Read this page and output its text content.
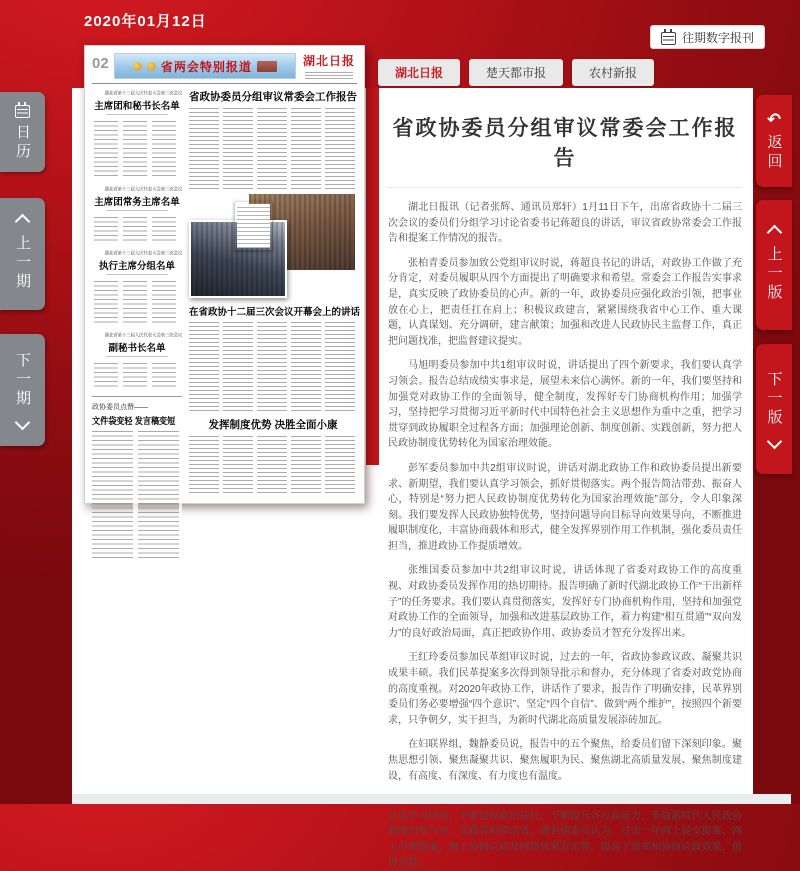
2020年01月12日
往期数字报刊
日历
上一期
下一期
湖北日报	楚天都市报	农村新报
省政协委员分组审议常委会工作报告

湖北日报讯（记者张辉、通讯员郑轩）1月11日下午，出席省政协十二届三次会议的委员们分组学习讨论省委书记蒋超良的讲话，审议省政协常委会工作报告和提案工作情况的报告。

张柏青委员参加致公党组审议时说，蒋超良书记的讲话，对政协工作做了充分肯定，对委员履职从四个方面提出了明确要求和希望。常委会工作报告实事求是，真实反映了政协委员的心声。新的一年，政协委员应强化政治引领，把事业放在心上，把责任扛在肩上；积极议政建言，紧紧围绕我省中心工作、重大课题，认真谋划、充分调研，建言献策；加强和改进人民政协民主监督工作，真正把问题找准，把监督建议提实。

马旭明委员参加中共1组审议时说，讲话提出了四个新要求，我们要认真学习领会。报告总结成绩实事求是，展望未来信心满怀。新的一年，我们要坚持和加强党对政协工作的全面领导，健全制度，发挥好专门协商机构作用；加强学习，坚持把学习贯彻习近平新时代中国特色社会主义思想作为重中之重，把学习贯穿到政协履职全过程各方面；加强理论创新、制度创新、实践创新，努力把人民政协制度优势转化为国家治理效能。

彭军委员参加中共2组审议时说，讲话对湖北政协工作和政协委员提出新要求、新期望，我们要认真学习领会，抓好贯彻落实。两个报告简洁带劲、振奋人心，特别是“努力把人民政协制度优势转化为国家治理效能”部分，令人印象深刻。我们要发挥人民政协独特优势，坚持问题导向目标导向效果导向，不断推进履职制度化，丰富协商载体和形式，健全发挥界别作用工作机制，强化委员责任担当，推进政协工作提质增效。

张维国委员参加中共2组审议时说，讲话体现了省委对政协工作的高度重视、对政协委员发挥作用的热切期待。报告明确了新时代湖北政协工作“干出新样子”的任务要求。我们要认真贯彻落实，发挥好专门协商机构作用，坚持和加强党对政协工作的全面领导，加强和改进基层政协工作，着力构建“相互贯通”“双向发力”的良好政治局面，真正把政协作用、政协委员才智充分发挥出来。

王红玲委员参加民革组审议时说，过去的一年，省政协参政议政、凝聚共识成果丰硕。我们民革提案多次得到领导批示和督办，充分体现了省委对政党协商的高度重视。对2020年政协工作，讲话作了要求，报告作了明确安排，民革界别委员们务必要增强“四个意识”、坚定“四个自信”、做到“两个维护”，按照四个新要求，只争朝夕，实干担当，为新时代湖北高质量发展添砖加瓦。

在妇联界组，魏静委员说，报告中的五个聚焦，给委员们留下深刻印象。聚焦思想引领、聚焦凝聚共识、聚焦履职为民、聚焦湖北高质量发展、聚焦制度建设，有高度、有深度、有力度也有温度。

认真学习讲话，不断提高政治站位，不断提升各方面能力，争做新时代人民政协制度的参与者、实践者和推动者。潘世炳委员认为，过去一年网上提交提案、网上办理提案、网上协商议政及网络成果发布等，提高了效率和协商议政效果，值得点赞。

02	省两会特别报道	湖北日报
湖北省第十三届人民代表大会第三次会议
主席团和秘书长名单
湖北省第十三届人民代表大会第三次会议
主席团常务主席名单
湖北省第十三届人民代表大会第三次会议
执行主席分组名单
湖北省第十三届人民代表大会第三次会议
副秘书长名单
政协委员点赞——
文件袋变轻 发言稿变短
省政协委员分组审议常委会工作报告
在省政协十二届三次会议开幕会上的讲话
发挥制度优势 决胜全面小康
↶
返回
上一版
下一版
